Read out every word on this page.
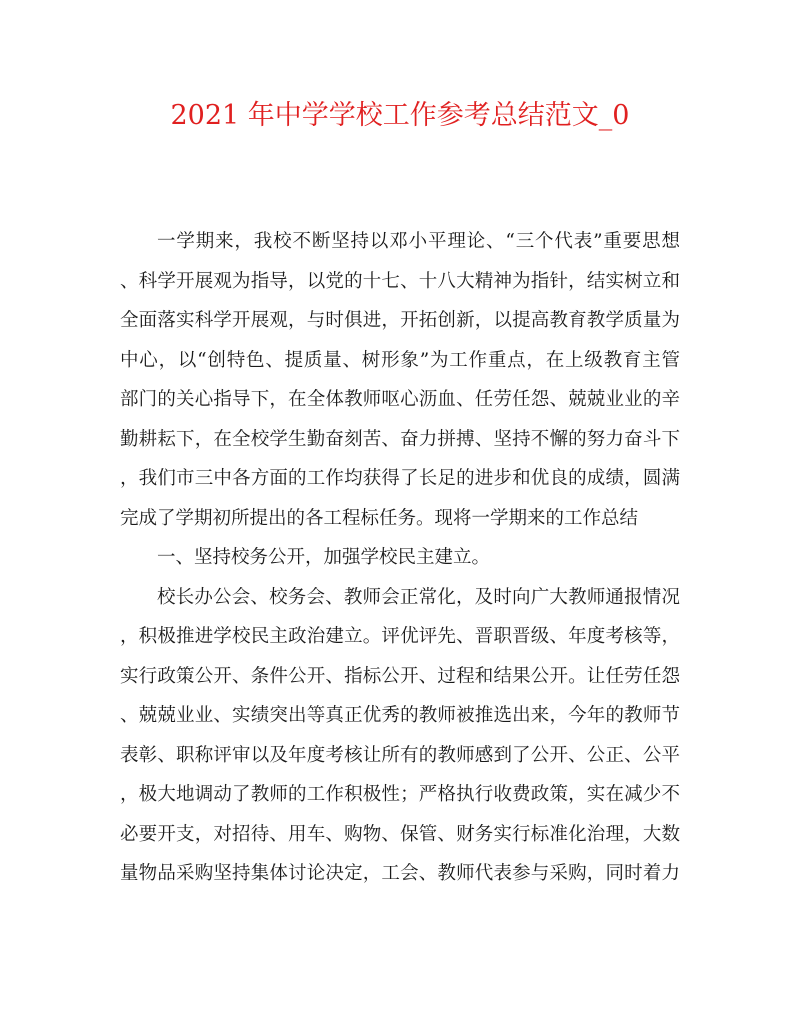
2021 年中学学校工作参考总结范文_0
一学期来，我校不断坚持以邓小平理论、“三个代表”重要思想
、科学开展观为指导，以党的十七、十八大精神为指针，结实树立和
全面落实科学开展观，与时俱进，开拓创新，以提高教育教学质量为
中心，以“创特色、提质量、树形象”为工作重点，在上级教育主管
部门的关心指导下，在全体教师呕心沥血、任劳任怨、兢兢业业的辛
勤耕耘下，在全校学生勤奋刻苦、奋力拼搏、坚持不懈的努力奋斗下
，我们市三中各方面的工作均获得了长足的进步和优良的成绩，圆满
完成了学期初所提出的各工程标任务。现将一学期来的工作总结
一、坚持校务公开，加强学校民主建立。
校长办公会、校务会、教师会正常化，及时向广大教师通报情况
，积极推进学校民主政治建立。评优评先、晋职晋级、年度考核等，
实行政策公开、条件公开、指标公开、过程和结果公开。让任劳任怨
、兢兢业业、实绩突出等真正优秀的教师被推选出来，今年的教师节
表彰、职称评审以及年度考核让所有的教师感到了公开、公正、公平
，极大地调动了教师的工作积极性；严格执行收费政策，实在减少不
必要开支，对招待、用车、购物、保管、财务实行标准化治理，大数
量物品采购坚持集体讨论决定，工会、教师代表参与采购，同时着力
